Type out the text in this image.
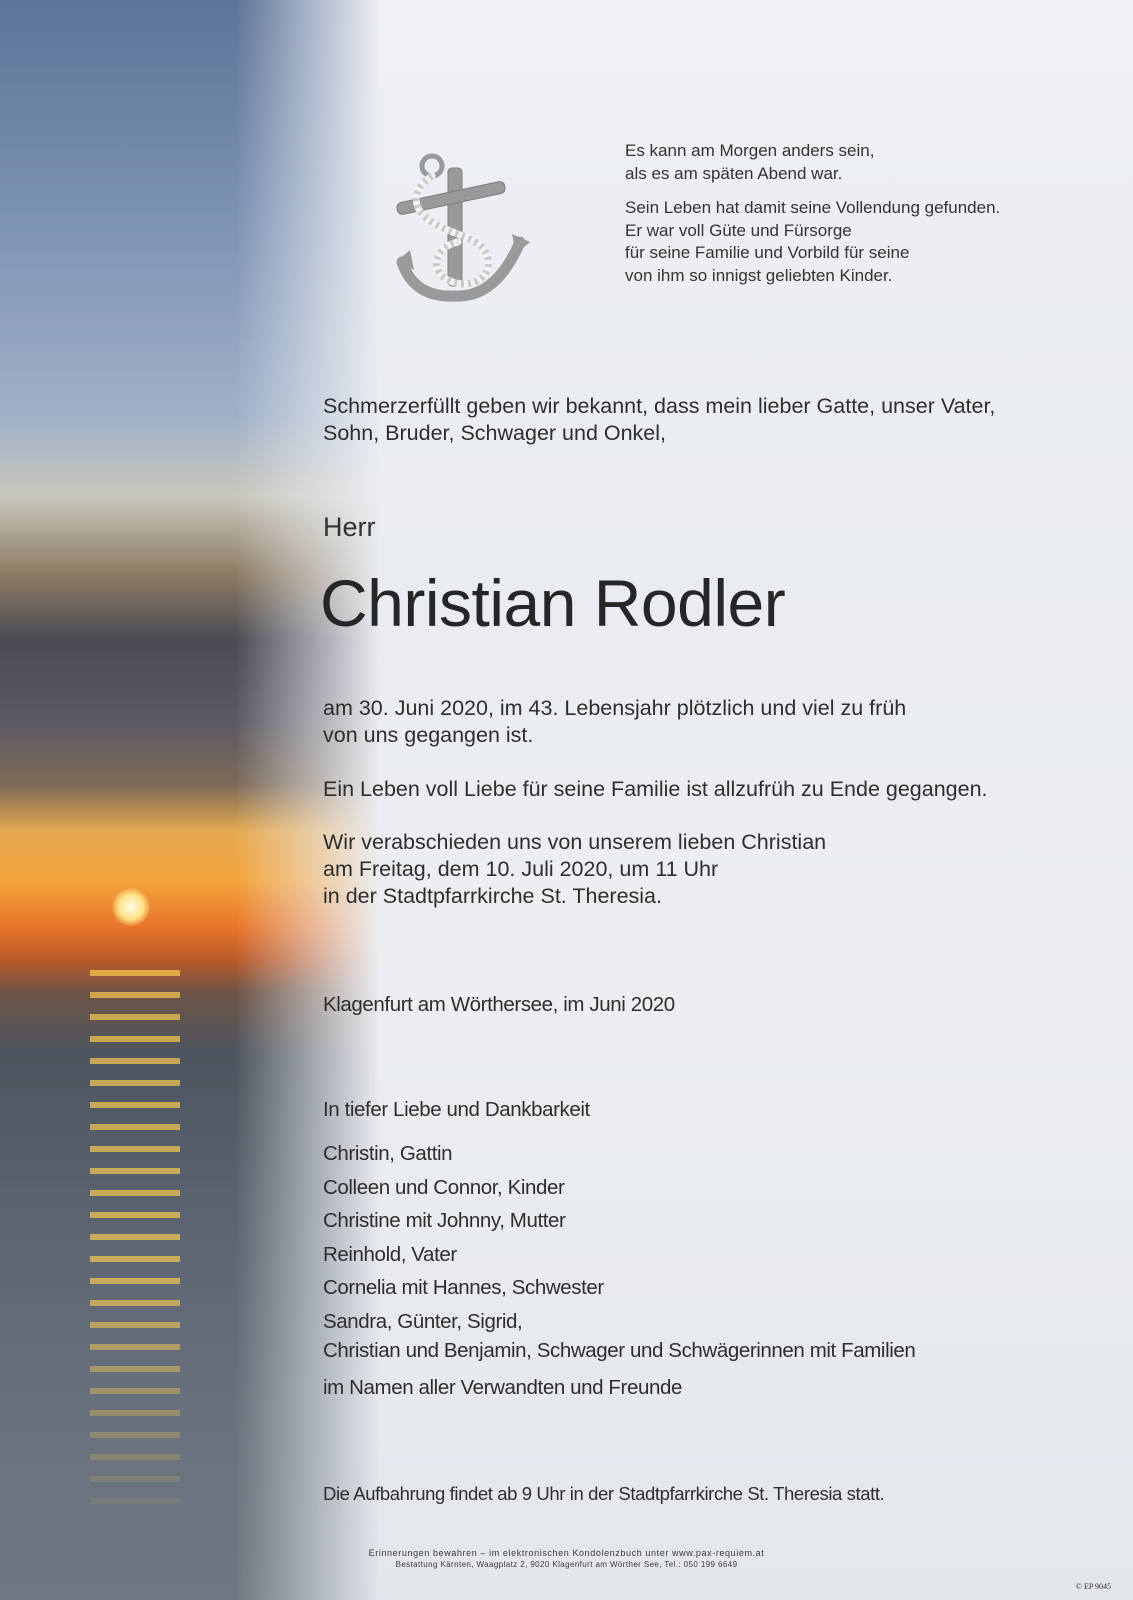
Es kann am Morgen anders sein,
als es am späten Abend war.
Sein Leben hat damit seine Vollendung gefunden.
Er war voll Güte und Fürsorge
für seine Familie und Vorbild für seine
von ihm so innigst geliebten Kinder.
Schmerzerfüllt geben wir bekannt, dass mein lieber Gatte, unser Vater,
Sohn, Bruder, Schwager und Onkel,
Herr
Christian Rodler
am 30. Juni 2020, im 43. Lebensjahr plötzlich und viel zu früh
von uns gegangen ist.
Ein Leben voll Liebe für seine Familie ist allzufrüh zu Ende gegangen.
Wir verabschieden uns von unserem lieben Christian
am Freitag, dem 10. Juli 2020, um 11 Uhr
in der Stadtpfarrkirche St. Theresia.
Klagenfurt am Wörthersee, im Juni 2020
In tiefer Liebe und Dankbarkeit
Christin, Gattin
Colleen und Connor, Kinder
Christine mit Johnny, Mutter
Reinhold, Vater
Cornelia mit Hannes, Schwester
Sandra, Günter, Sigrid,
Christian und Benjamin, Schwager und Schwägerinnen mit Familien
im Namen aller Verwandten und Freunde
Die Aufbahrung findet ab 9 Uhr in der Stadtpfarrkirche St. Theresia statt.
Erinnerungen bewahren – im elektronischen Kondolenzbuch unter www.pax-requiem.at
Bestattung Kärnten, Waagplatz 2, 9020 Klagenfurt am Wörther See, Tel.: 050 199 6649
© EP 9045
